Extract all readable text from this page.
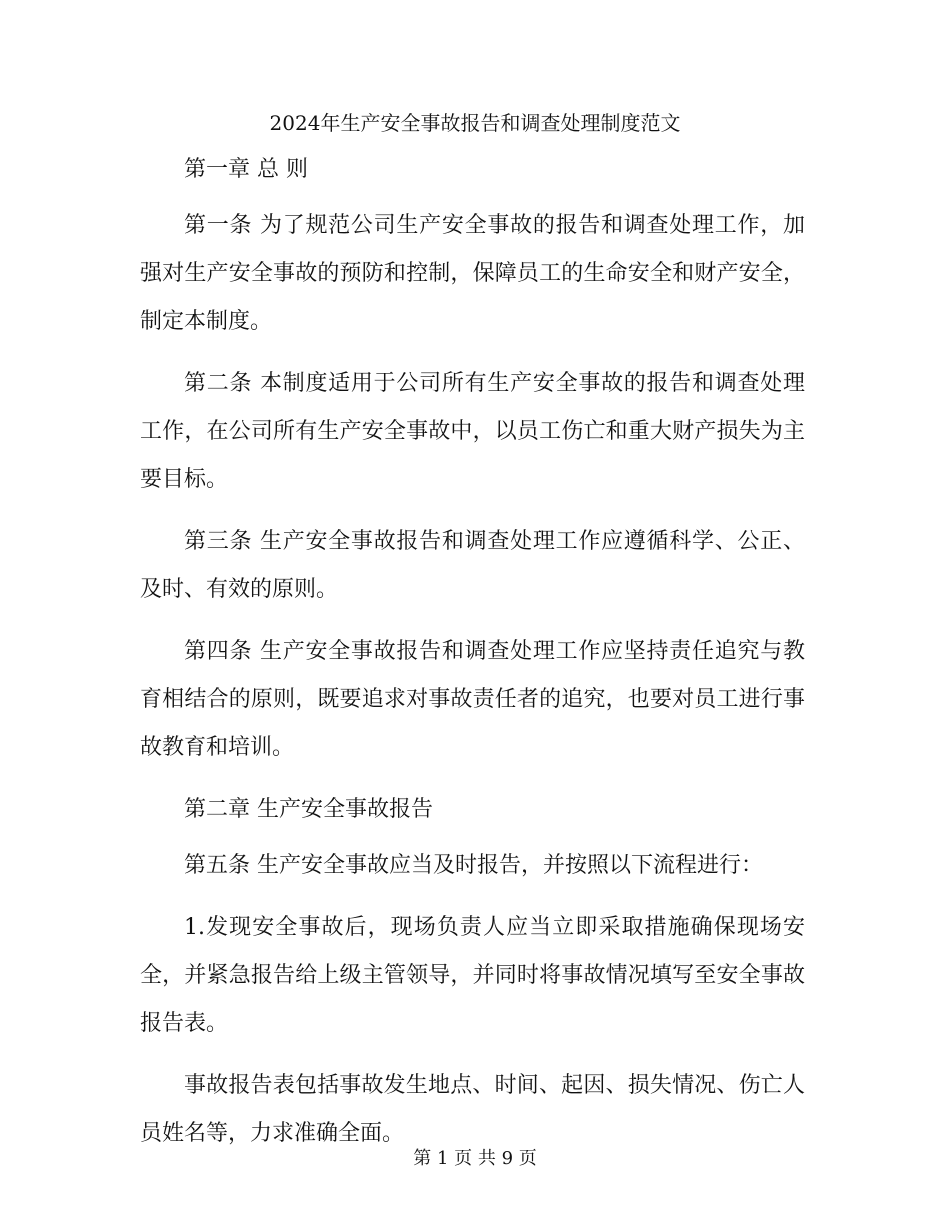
2024年生产安全事故报告和调查处理制度范文

第一章 总 则

第一条 为了规范公司生产安全事故的报告和调查处理工作，加强对生产安全事故的预防和控制，保障员工的生命安全和财产安全，制定本制度。

第二条 本制度适用于公司所有生产安全事故的报告和调查处理工作，在公司所有生产安全事故中，以员工伤亡和重大财产损失为主要目标。

第三条 生产安全事故报告和调查处理工作应遵循科学、公正、及时、有效的原则。

第四条 生产安全事故报告和调查处理工作应坚持责任追究与教育相结合的原则，既要追求对事故责任者的追究，也要对员工进行事故教育和培训。

第二章 生产安全事故报告

第五条 生产安全事故应当及时报告，并按照以下流程进行：

1.发现安全事故后，现场负责人应当立即采取措施确保现场安全，并紧急报告给上级主管领导，并同时将事故情况填写至安全事故报告表。

事故报告表包括事故发生地点、时间、起因、损失情况、伤亡人员姓名等，力求准确全面。

第 1 页 共 9 页
